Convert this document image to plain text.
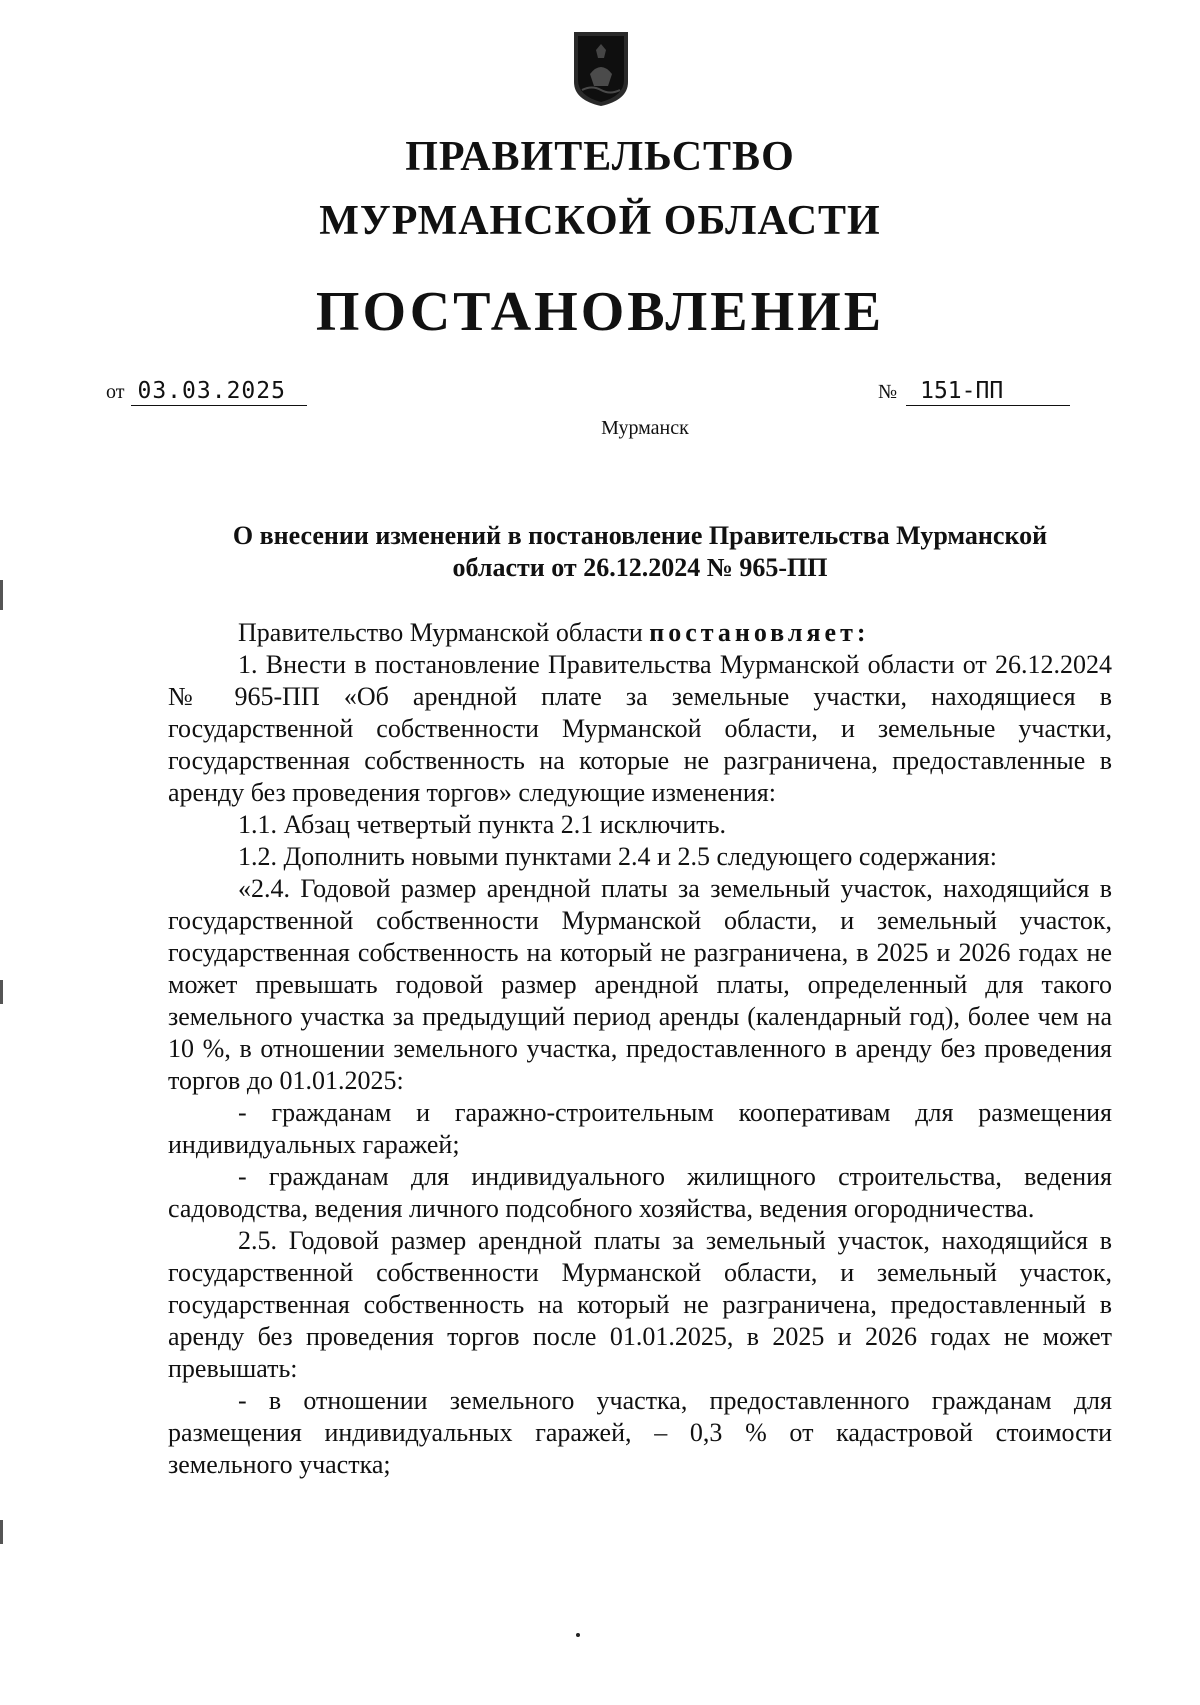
ПРАВИТЕЛЬСТВО
МУРМАНСКОЙ ОБЛАСТИ
ПОСТАНОВЛЕНИЕ
от 03.03.2025	№ 151-ПП
Мурманск
О внесении изменений в постановление Правительства Мурманской
области от 26.12.2024 № 965-ПП

Правительство Мурманской области постановляет:

1. Внести в постановление Правительства Мурманской области от 26.12.2024 № 965-ПП «Об арендной плате за земельные участки, находящиеся в государственной собственности Мурманской области, и земельные участки, государственная собственность на которые не разграничена, предоставленные в аренду без проведения торгов» следующие изменения:

1.1. Абзац четвертый пункта 2.1 исключить.

1.2. Дополнить новыми пунктами 2.4 и 2.5 следующего содержания:

«2.4. Годовой размер арендной платы за земельный участок, находящийся в государственной собственности Мурманской области, и земельный участок, государственная собственность на который не разграничена, в 2025 и 2026 годах не может превышать годовой размер арендной платы, определенный для такого земельного участка за предыдущий период аренды (календарный год), более чем на 10 %, в отношении земельного участка, предоставленного в аренду без проведения торгов до 01.01.2025:

- гражданам и гаражно-строительным кооперативам для размещения индивидуальных гаражей;

- гражданам для индивидуального жилищного строительства, ведения садоводства, ведения личного подсобного хозяйства, ведения огородничества.

2.5. Годовой размер арендной платы за земельный участок, находящийся в государственной собственности Мурманской области, и земельный участок, государственная собственность на который не разграничена, предоставленный в аренду без проведения торгов после 01.01.2025, в 2025 и 2026 годах не может превышать:

- в отношении земельного участка, предоставленного гражданам для размещения индивидуальных гаражей, – 0,3 % от кадастровой стоимости земельного участка;
